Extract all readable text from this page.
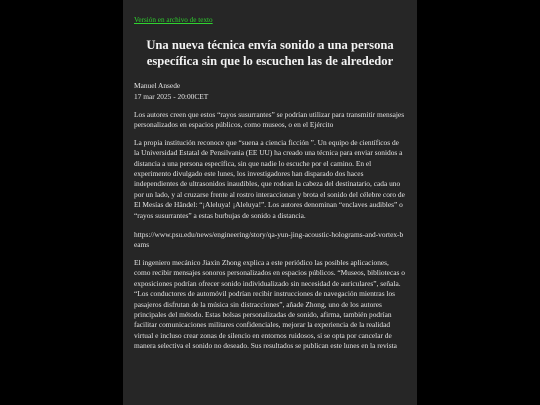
Versión en archivo de texto
Una nueva técnica envía sonido a una persona específica sin que lo escuchen las de alrededor
Manuel Ansede
17 mar 2025 - 20:00CET

Los autores creen que estos “rayos susurrantes” se podrían utilizar para transmitir mensajes personalizados en espacios públicos, como museos, o en el Ejército

La propia institución reconoce que “suena a ciencia ficción ”. Un equipo de científicos de la Universidad Estatal de Pensilvania (EE UU) ha creado una técnica para enviar sonidos a distancia a una persona específica, sin que nadie lo escuche por el camino. En el experimento divulgado este lunes, los investigadores han disparado dos haces independientes de ultrasonidos inaudibles, que rodean la cabeza del destinatario, cada uno por un lado, y al cruzarse frente al rostro interaccionan y brota el sonido del célebre coro de El Mesías de Händel: “¡Aleluya! ¡Aleluya!”. Los autores denominan “enclaves audibles” o “rayos susurrantes” a estas burbujas de sonido a distancia.

https://www.psu.edu/news/engineering/story/qa-yun-jing-acoustic-holograms-and-vortex-beams

El ingeniero mecánico Jiaxin Zhong explica a este periódico las posibles aplicaciones, como recibir mensajes sonoros personalizados en espacios públicos. “Museos, bibliotecas o exposiciones podrían ofrecer sonido individualizado sin necesidad de auriculares”, señala. “Los conductores de automóvil podrían recibir instrucciones de navegación mientras los pasajeros disfrutan de la música sin distracciones”, añade Zhong, uno de los autores principales del método. Estas bolsas personalizadas de sonido, afirma, también podrían facilitar comunicaciones militares confidenciales, mejorar la experiencia de la realidad virtual e incluso crear zonas de silencio en entornos ruidosos, si se opta por cancelar de manera selectiva el sonido no deseado. Sus resultados se publican este lunes en la revista
